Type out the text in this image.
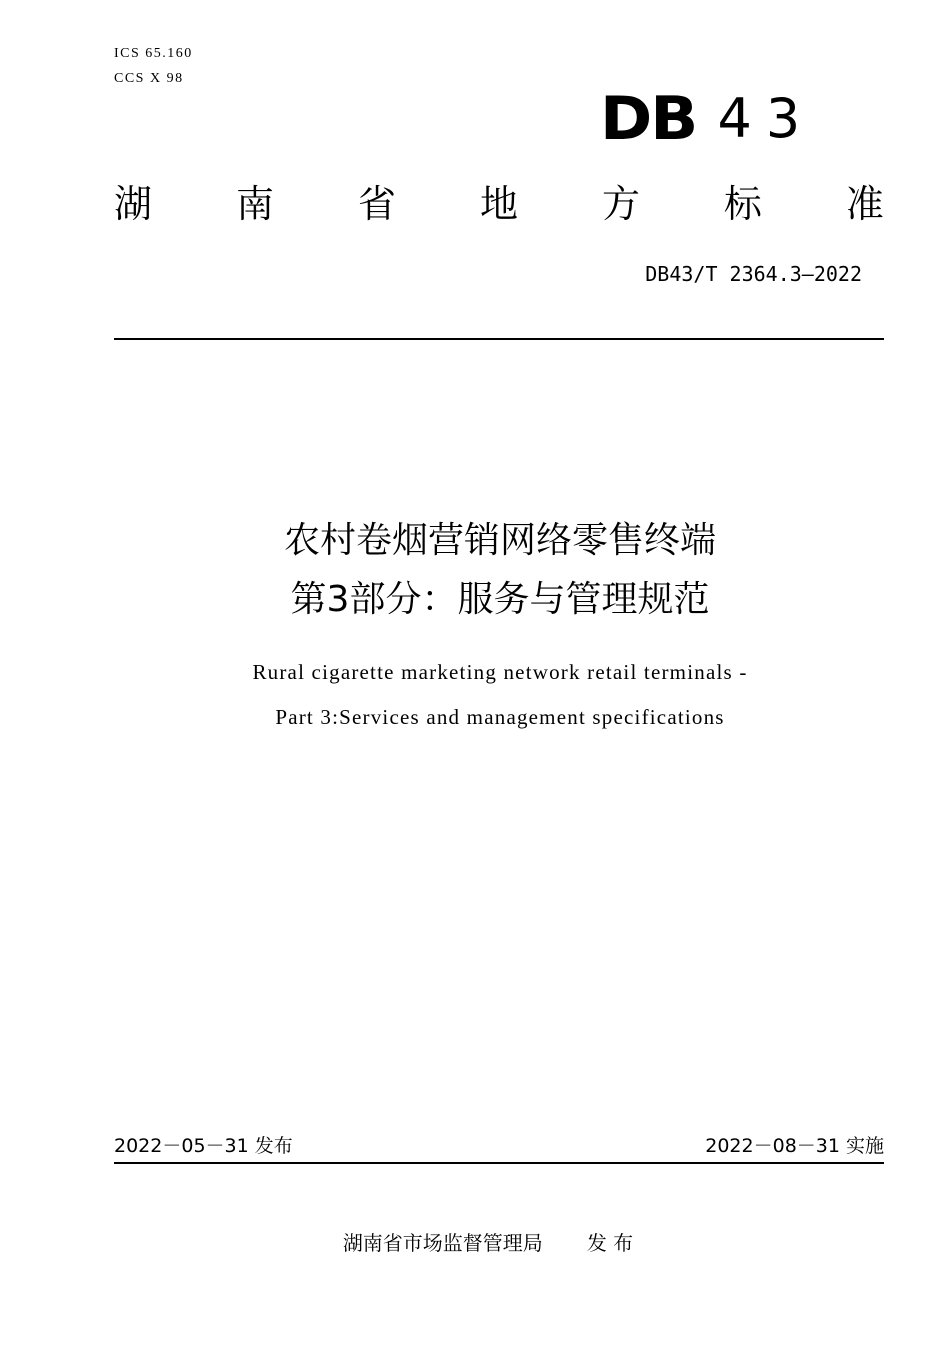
ICS 65.160
CCS X 98
DB 43
湖 南 省 地 方 标 准
DB43/T 2364.3—2022
农村卷烟营销网络零售终端
第3部分：服务与管理规范
Rural cigarette marketing network retail terminals -
Part 3:Services and management specifications
2022－05－31 发布	2022－08－31 实施
湖南省市场监督管理局 发 布
